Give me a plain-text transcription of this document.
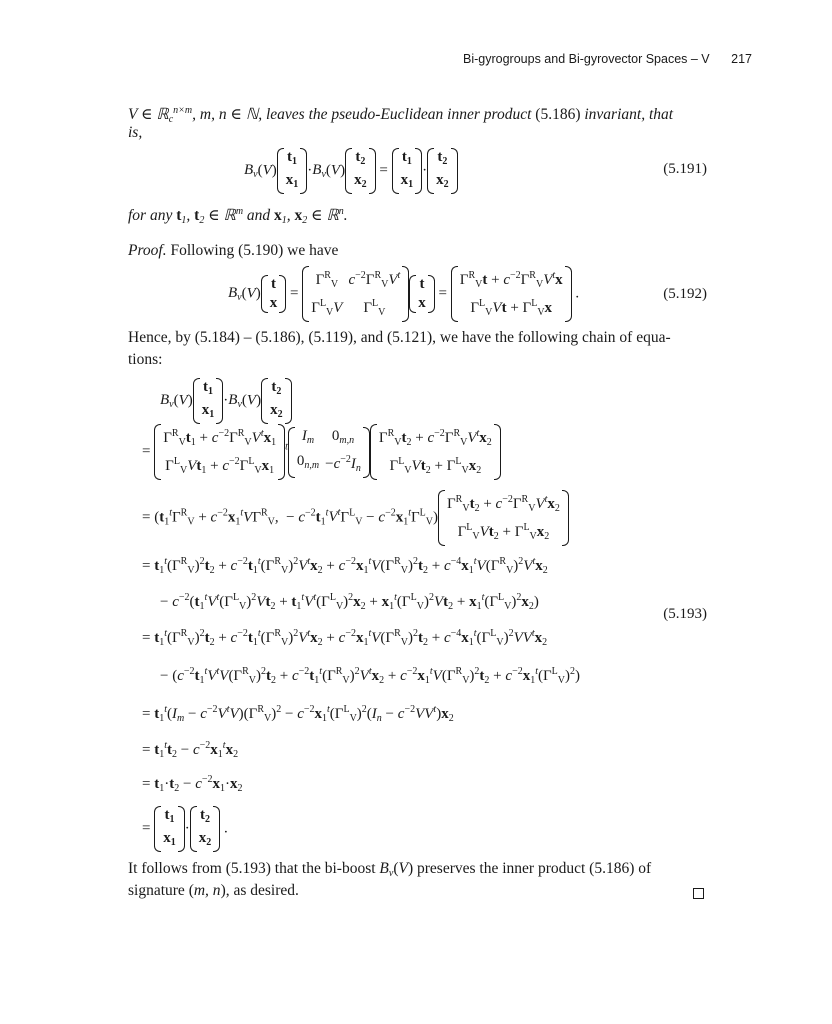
Bi-gyrogroups and Bi-gyrovector Spaces – V 217
V ∈ ℝ$_c^{n\times m}$, m, n ∈ ℕ, leaves the pseudo-Euclidean inner product (5.186) invariant, that
is,
$B_v(V)$
$t_1$
$x_1$
$\cdot B_v(V)$
$t_2$
$x_2$
=
$t_1$
$x_1$
·
$t_2$
$x_2$
(5.191)
for any $t_1$, $t_2$ ∈ ℝ$^m$ and $x_1$, $x_2$ ∈ ℝ$^n$.
Proof. Following (5.190) we have
$B_v(V)$
t
x
=
$\Gamma^R_V$	$c^{-2}\Gamma^R_VV^t$
$\Gamma^L_VV$	$\Gamma^L_V$
t
x
=
$\Gamma^R_Vt + c^{-2}\Gamma^R_VV^tx$
$\Gamma^L_VVt + \Gamma^L_Vx$
.	(5.192)
Hence, by (5.184) – (5.186), (5.119), and (5.121), we have the following chain of equa-
tions:
$B_v(V)$
$t_1$
$x_1$
$\cdot B_v(V)$
$t_2$
$x_2$
=
$\Gamma^R_Vt_1 + c^{-2}\Gamma^R_VV^tx_1$
$\Gamma^L_VVt_1 + c^{-2}\Gamma^L_Vx_1$
$^t$
$I_m$	$0_{m,n}$
$0_{n,m}$	$-c^{-2}I_n$
$\Gamma^R_Vt_2 + c^{-2}\Gamma^R_VV^tx_2$
$\Gamma^L_VVt_2 + \Gamma^L_Vx_2$
= ($t_1^t\Gamma^R_V + c^{-2}x_1^tV\Gamma^R_V$,  − $c^{-2}t_1^tV^t\Gamma^L_V - c^{-2}x_1^t\Gamma^L_V$)
$\Gamma^R_Vt_2 + c^{-2}\Gamma^R_VV^tx_2$
$\Gamma^L_VVt_2 + \Gamma^L_Vx_2$
= $t_1^t(\Gamma^R_V)^2t_2 + c^{-2}t_1^t(\Gamma^R_V)^2V^tx_2 + c^{-2}x_1^tV(\Gamma^R_V)^2t_2 + c^{-4}x_1^tV(\Gamma^R_V)^2V^tx_2$
− $c^{-2}(t_1^tV^t(\Gamma^L_V)^2Vt_2 + t_1^tV^t(\Gamma^L_V)^2x_2 + x_1^t(\Gamma^L_V)^2Vt_2 + x_1^t(\Gamma^L_V)^2x_2)$
(5.193)
= $t_1^t(\Gamma^R_V)^2t_2 + c^{-2}t_1^t(\Gamma^R_V)^2V^tx_2 + c^{-2}x_1^tV(\Gamma^R_V)^2t_2 + c^{-4}x_1^t(\Gamma^L_V)^2VV^tx_2$
− $(c^{-2}t_1^tV^tV(\Gamma^R_V)^2t_2 + c^{-2}t_1^t(\Gamma^R_V)^2V^tx_2 + c^{-2}x_1^tV(\Gamma^R_V)^2t_2 + c^{-2}x_1^t(\Gamma^L_V)^2)$
= $t_1^t(I_m - c^{-2}V^tV)(\Gamma^R_V)^2 - c^{-2}x_1^t(\Gamma^L_V)^2(I_n - c^{-2}VV^t)x_2$
= $t_1^tt_2 - c^{-2}x_1^tx_2$
= $t_1\cdot t_2 - c^{-2}x_1\cdot x_2$
=
$t_1$
$x_1$
·
$t_2$
$x_2$
.
It follows from (5.193) that the bi-boost $B_v(V)$ preserves the inner product (5.186) of
signature (m, n), as desired.
